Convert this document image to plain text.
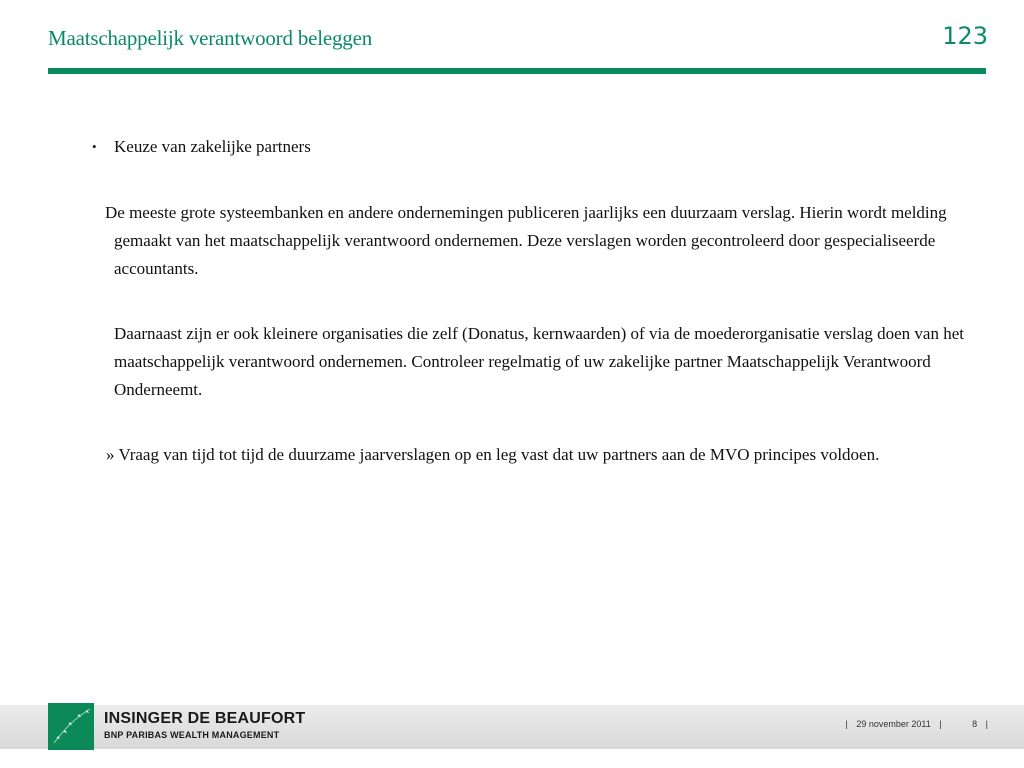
Maatschappelijk verantwoord beleggen	123
• Keuze van zakelijke partners
De meeste grote systeembanken en andere ondernemingen publiceren jaarlijks een duurzaam verslag. Hierin wordt melding gemaakt van het maatschappelijk verantwoord ondernemen. Deze verslagen worden gecontroleerd door gespecialiseerde accountants.
Daarnaast zijn er ook kleinere organisaties die zelf (Donatus, kernwaarden) of via de moederorganisatie verslag doen van het maatschappelijk verantwoord ondernemen. Controleer regelmatig of uw zakelijke partner Maatschappelijk Verantwoord Onderneemt.
» Vraag van tijd tot tijd de duurzame jaarverslagen op en leg vast dat uw partners aan de MVO principes voldoen.
INSINGER DE BEAUFORT
BNP PARIBAS WEALTH MANAGEMENT
| 29 november 2011 |	8 |
